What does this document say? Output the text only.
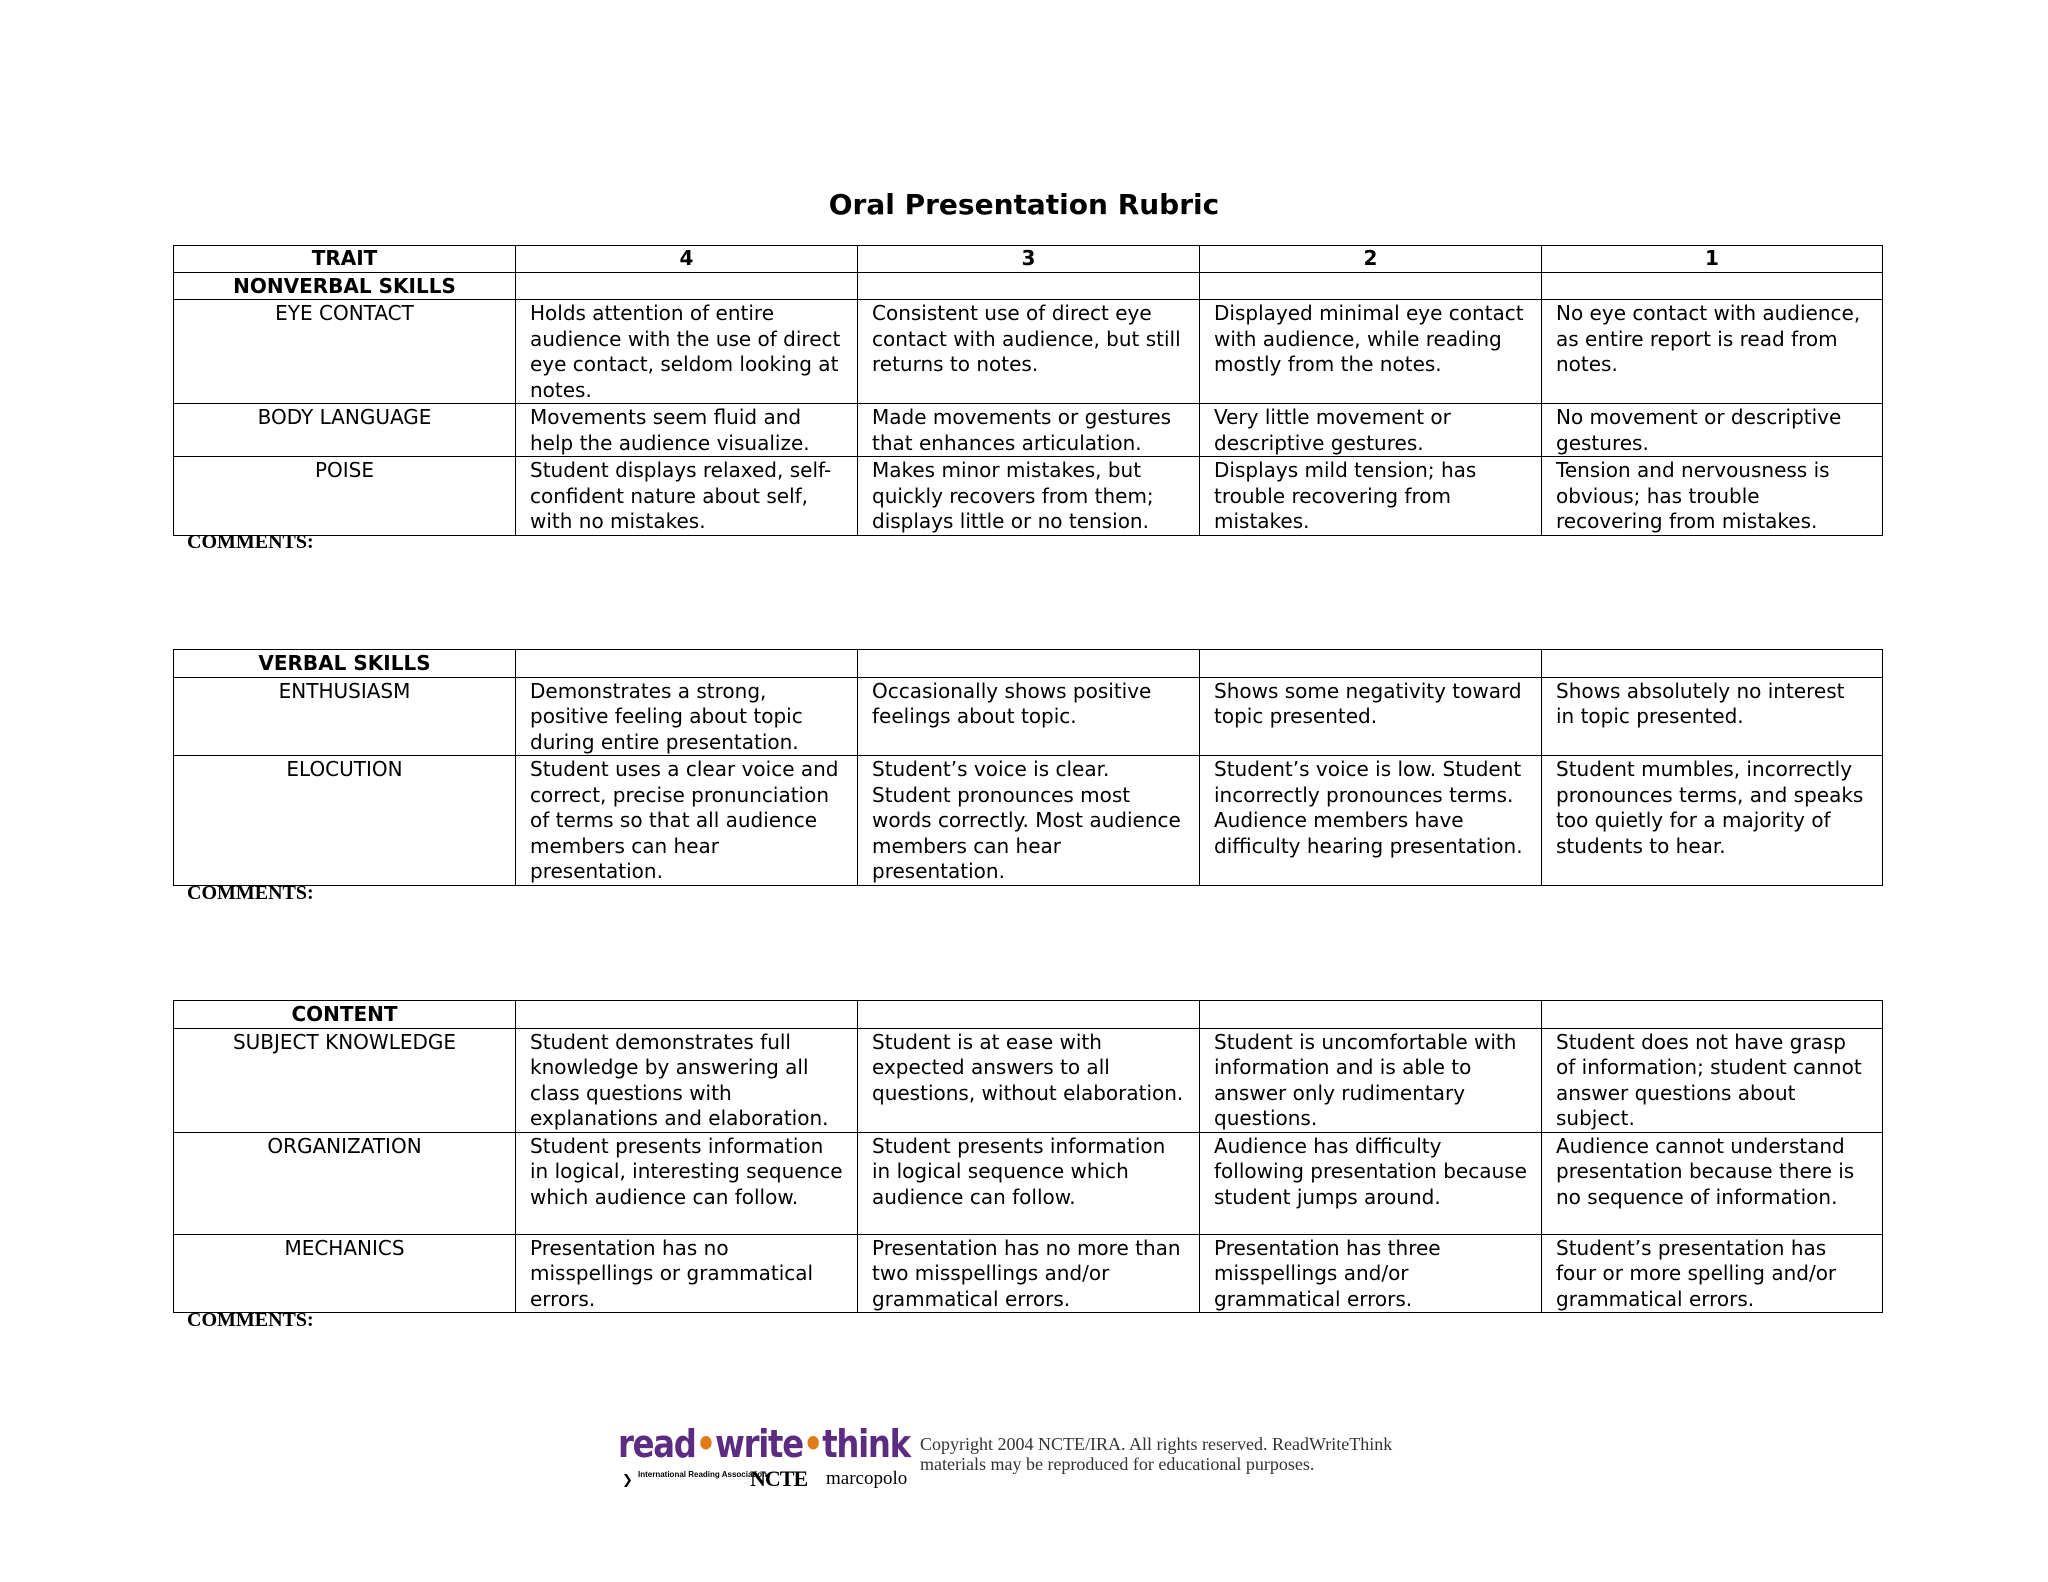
Oral Presentation Rubric
TRAIT	4	3	2	1
NONVERBAL SKILLS				
EYE CONTACT	Holds attention of entire audience with the use of direct eye contact, seldom looking at notes.	Consistent use of direct eye contact with audience, but still returns to notes.	Displayed minimal eye contact with audience, while reading mostly from the notes.	No eye contact with audience, as entire report is read from notes.
BODY LANGUAGE	Movements seem fluid and help the audience visualize.	Made movements or gestures that enhances articulation.	Very little movement or descriptive gestures.	No movement or descriptive gestures.
POISE	Student displays relaxed, self-confident nature about self, with no mistakes.	Makes minor mistakes, but quickly recovers from them; displays little or no tension.	Displays mild tension; has trouble recovering from mistakes.	Tension and nervousness is obvious; has trouble recovering from mistakes.
COMMENTS:
VERBAL SKILLS				
ENTHUSIASM	Demonstrates a strong, positive feeling about topic during entire presentation.	Occasionally shows positive feelings about topic.	Shows some negativity toward topic presented.	Shows absolutely no interest in topic presented.
ELOCUTION	Student uses a clear voice and correct, precise pronunciation of terms so that all audience members can hear presentation.	Student’s voice is clear. Student pronounces most words correctly. Most audience members can hear presentation.	Student’s voice is low. Student incorrectly pronounces terms. Audience members have difficulty hearing presentation.	Student mumbles, incorrectly pronounces terms, and speaks too quietly for a majority of students to hear.
COMMENTS:
CONTENT				
SUBJECT KNOWLEDGE	Student demonstrates full knowledge by answering all class questions with explanations and elaboration.	Student is at ease with expected answers to all questions, without elaboration.	Student is uncomfortable with information and is able to answer only rudimentary questions.	Student does not have grasp of information; student cannot answer questions about subject.
ORGANIZATION	Student presents information in logical, interesting sequence which audience can follow.	Student presents information in logical sequence which audience can follow.	Audience has difficulty following presentation because student jumps around.	Audience cannot understand presentation because there is no sequence of information.
MECHANICS	Presentation has no misspellings or grammatical errors.	Presentation has no more than two misspellings and/or grammatical errors.	Presentation has three misspellings and/or grammatical errors.	Student’s presentation has four or more spelling and/or grammatical errors.
COMMENTS:
read•write•think
❯ International Reading Association
NCTE marcopolo
Copyright 2004 NCTE/IRA. All rights reserved. ReadWriteThink materials may be reproduced for educational purposes.
